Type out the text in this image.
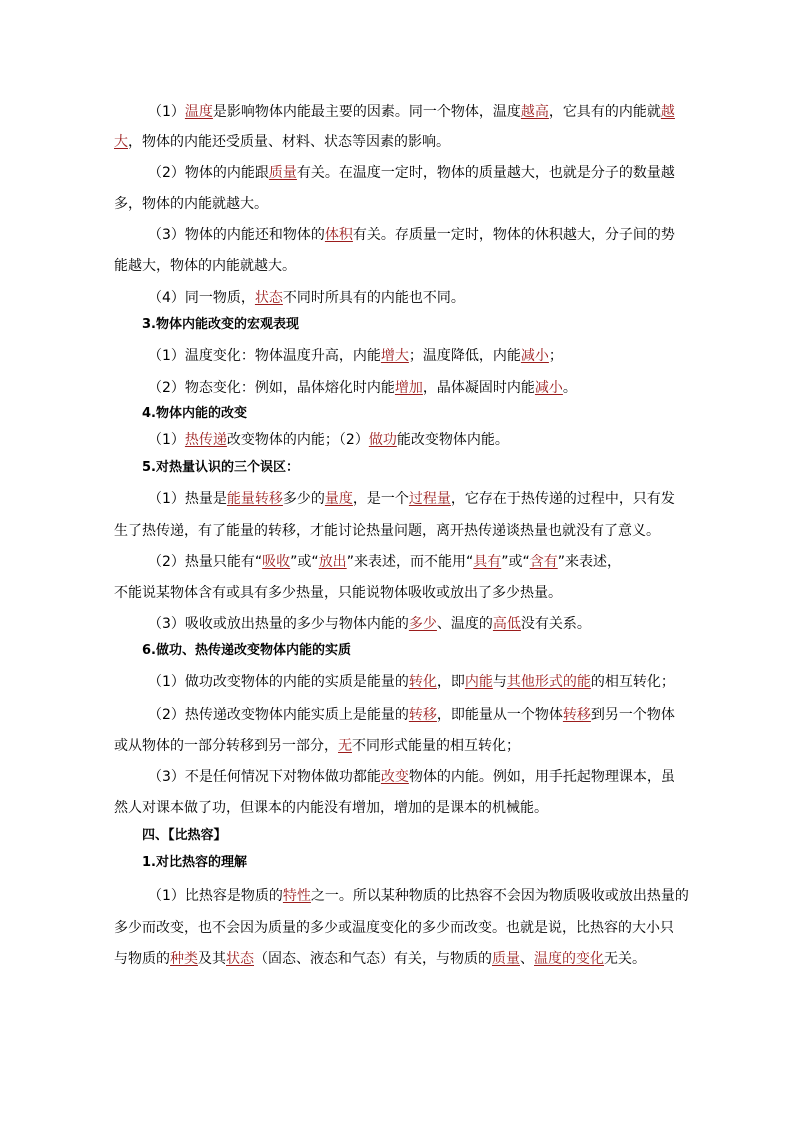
（1）温度是影响物体内能最主要的因素。同一个物体，温度越高，它具有的内能就越
大，物体的内能还受质量、材料、状态等因素的影响。
（2）物体的内能跟质量有关。在温度一定时，物体的质量越大，也就是分子的数量越
多，物体的内能就越大。
（3）物体的内能还和物体的体积有关。存质量一定时，物体的休积越大，分子间的势
能越大，物体的内能就越大。
（4）同一物质，状态不同时所具有的内能也不同。
3.物体内能改变的宏观表现
（1）温度变化：物体温度升高，内能增大；温度降低，内能减小；
（2）物态变化：例如，晶体熔化时内能增加，晶体凝固时内能减小。
4.物体内能的改变
（1）热传递改变物体的内能；（2）做功能改变物体内能。
5.对热量认识的三个误区：
（1）热量是能量转移多少的量度，是一个过程量，它存在于热传递的过程中，只有发
生了热传递，有了能量的转移，才能讨论热量问题，离开热传递谈热量也就没有了意义。
（2）热量只能有“吸收”或“放出”来表述，而不能用“具有”或“含有”来表述，
不能说某物体含有或具有多少热量，只能说物体吸收或放出了多少热量。
（3）吸收或放出热量的多少与物体内能的多少、温度的高低没有关系。
6.做功、热传递改变物体内能的实质
（1）做功改变物体的内能的实质是能量的转化，即内能与其他形式的能的相互转化；
（2）热传递改变物体内能实质上是能量的转移，即能量从一个物体转移到另一个物体
或从物体的一部分转移到另一部分，无不同形式能量的相互转化；
（3）不是任何情况下对物体做功都能改变物体的内能。例如，用手托起物理课本，虽
然人对课本做了功，但课本的内能没有增加，增加的是课本的机械能。
四、【比热容】
1.对比热容的理解
（1）比热容是物质的特性之一。所以某种物质的比热容不会因为物质吸收或放出热量的
多少而改变，也不会因为质量的多少或温度变化的多少而改变。也就是说，比热容的大小只
与物质的种类及其状态（固态、液态和气态）有关，与物质的质量、温度的变化无关。
